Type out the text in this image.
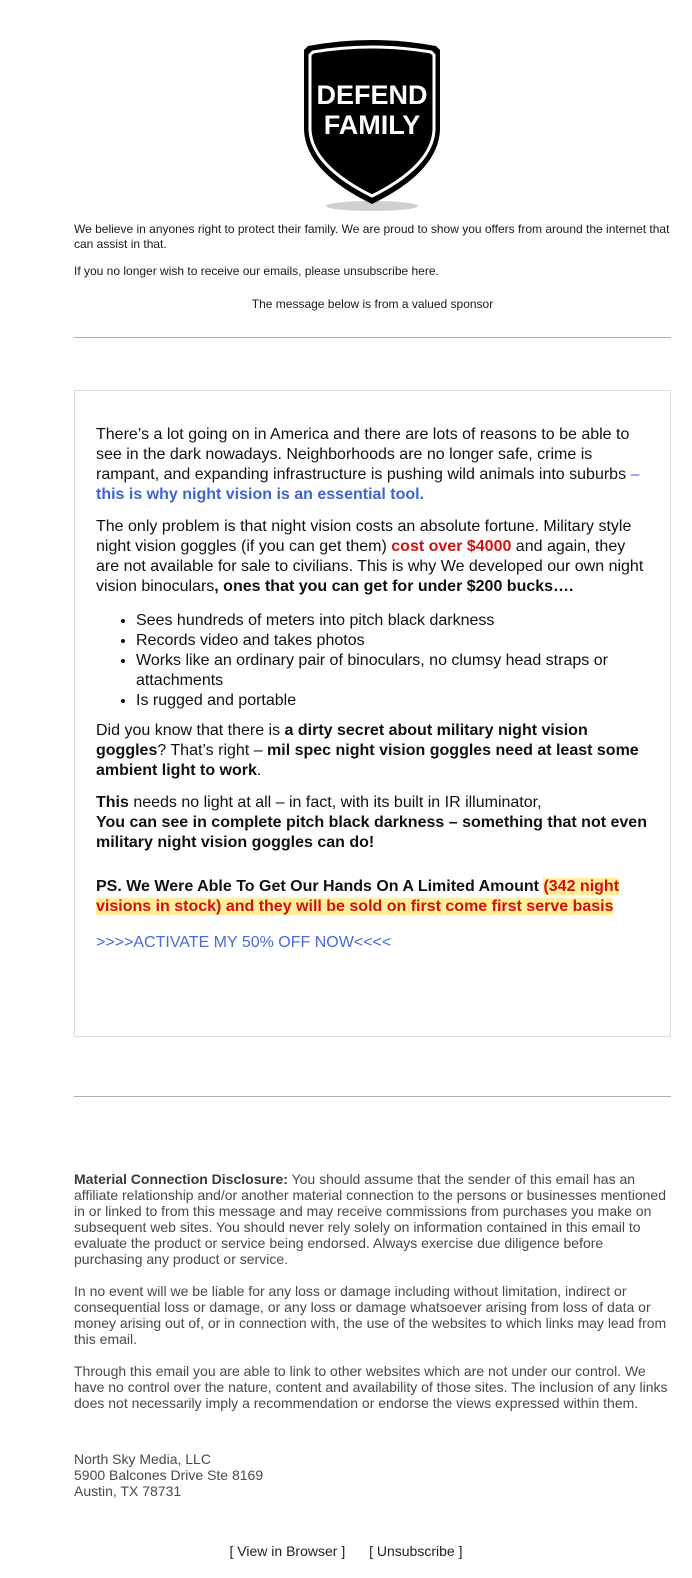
DEFEND
FAMILY

We believe in anyones right to protect their family. We are proud to show you offers from around the internet that can assist in that.

If you no longer wish to receive our emails, please unsubscribe here.

The message below is from a valued sponsor

There’s a lot going on in America and there are lots of reasons to be able to see in the dark nowadays. Neighborhoods are no longer safe, crime is rampant, and expanding infrastructure is pushing wild animals into suburbs – this is why night vision is an essential tool.

The only problem is that night vision costs an absolute fortune. Military style night vision goggles (if you can get them) cost over $4000 and again, they are not available for sale to civilians. This is why We developed our own night vision binoculars, ones that you can get for under $200 bucks….

• Sees hundreds of meters into pitch black darkness
• Records video and takes photos
• Works like an ordinary pair of binoculars, no clumsy head straps or attachments
• Is rugged and portable

Did you know that there is a dirty secret about military night vision goggles? That’s right – mil spec night vision goggles need at least some ambient light to work.

This needs no light at all – in fact, with its built in IR illuminator,
You can see in complete pitch black darkness – something that not even military night vision goggles can do!

PS. We Were Able To Get Our Hands On A Limited Amount (342 night visions in stock) and they will be sold on first come first serve basis

>>>>ACTIVATE MY 50% OFF NOW<<<<

Material Connection Disclosure: You should assume that the sender of this email has an affiliate relationship and/or another material connection to the persons or businesses mentioned in or linked to from this message and may receive commissions from purchases you make on subsequent web sites. You should never rely solely on information contained in this email to evaluate the product or service being endorsed. Always exercise due diligence before purchasing any product or service.

In no event will we be liable for any loss or damage including without limitation, indirect or consequential loss or damage, or any loss or damage whatsoever arising from loss of data or money arising out of, or in connection with, the use of the websites to which links may lead from this email.

Through this email you are able to link to other websites which are not under our control. We have no control over the nature, content and availability of those sites. The inclusion of any links does not necessarily imply a recommendation or endorse the views expressed within them.

North Sky Media, LLC
5900 Balcones Drive Ste 8169
Austin, TX 78731
[ View in Browser ] [ Unsubscribe ]
